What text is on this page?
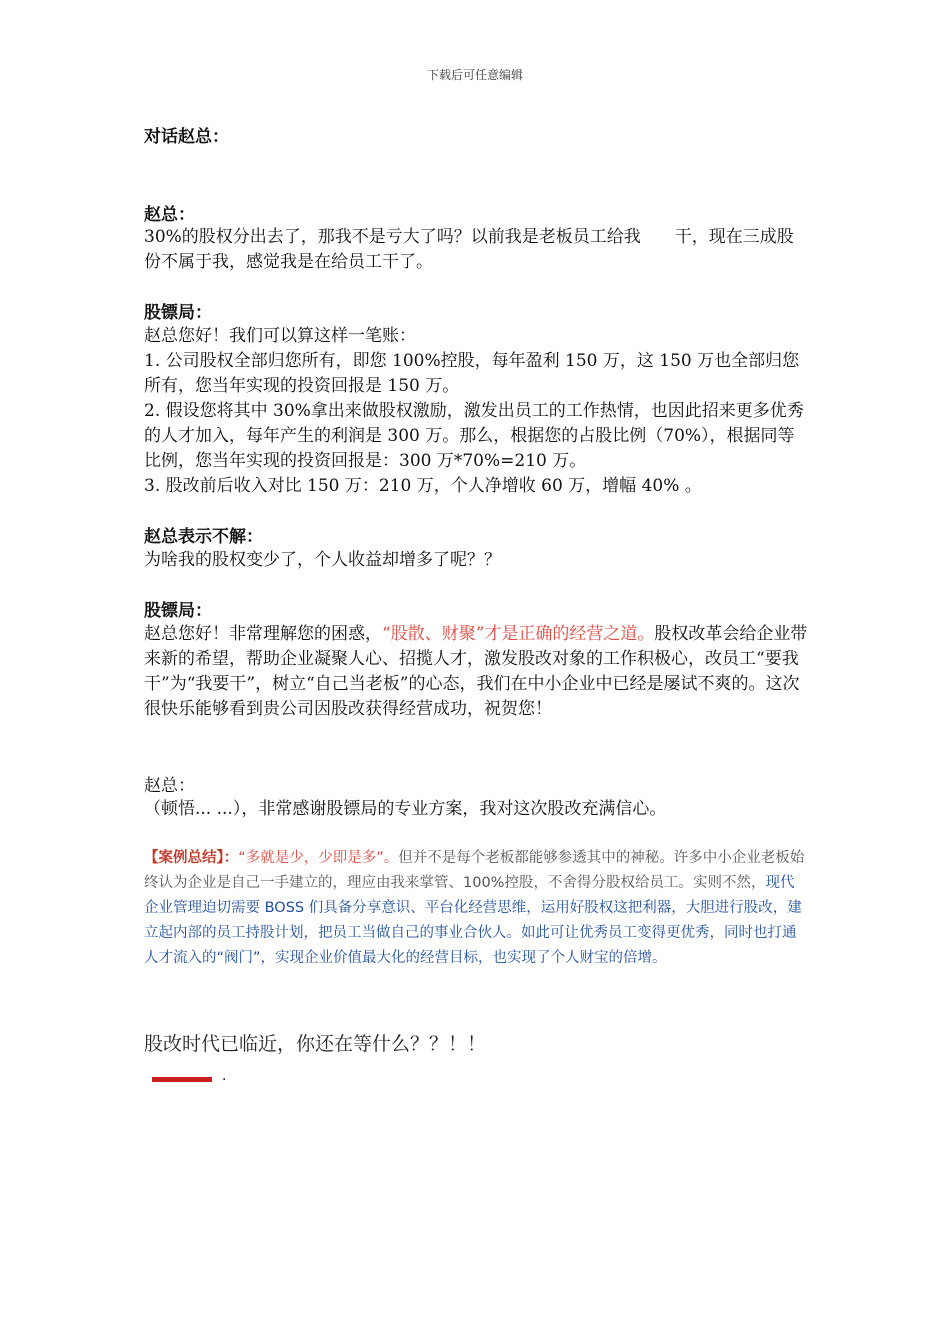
下载后可任意编辑
对话赵总：
赵总：
30%的股权分出去了，那我不是亏大了吗？以前我是老板员工给我　　干，现在三成股份不属于我，感觉我是在给员工干了。
股镖局：
赵总您好！我们可以算这样一笔账：
1. 公司股权全部归您所有，即您 100%控股，每年盈利 150 万，这 150 万也全部归您所有，您当年实现的投资回报是 150 万。
2. 假设您将其中 30%拿出来做股权激励，激发出员工的工作热情，也因此招来更多优秀的人才加入，每年产生的利润是 300 万。那么，根据您的占股比例（70%），根据同等比例，您当年实现的投资回报是：300 万*70%=210 万。
3. 股改前后收入对比 150 万：210 万，个人净增收 60 万，增幅 40% 。
赵总表示不解：
为啥我的股权变少了，个人收益却增多了呢？？
股镖局：
赵总您好！非常理解您的困惑，“股散、财聚”才是正确的经营之道。股权改革会给企业带来新的希望，帮助企业凝聚人心、招揽人才，激发股改对象的工作积极心，改员工“要我干”为“我要干”，树立“自己当老板”的心态，我们在中小企业中已经是屡试不爽的。这次很快乐能够看到贵公司因股改获得经营成功，祝贺您！
赵总：
（顿悟... ...），非常感谢股镖局的专业方案，我对这次股改充满信心。
【案例总结】：“多就是少，少即是多”。但并不是每个老板都能够参透其中的神秘。许多中小企业老板始终认为企业是自己一手建立的，理应由我来掌管、100%控股，不舍得分股权给员工。实则不然，现代企业管理迫切需要 BOSS 们具备分享意识、平台化经营思维，运用好股权这把利器，大胆进行股改，建立起内部的员工持股计划，把员工当做自己的事业合伙人。如此可让优秀员工变得更优秀，同时也打通人才流入的“阀门”，实现企业价值最大化的经营目标，也实现了个人财宝的倍增。
股改时代已临近，你还在等什么？？！！
.
